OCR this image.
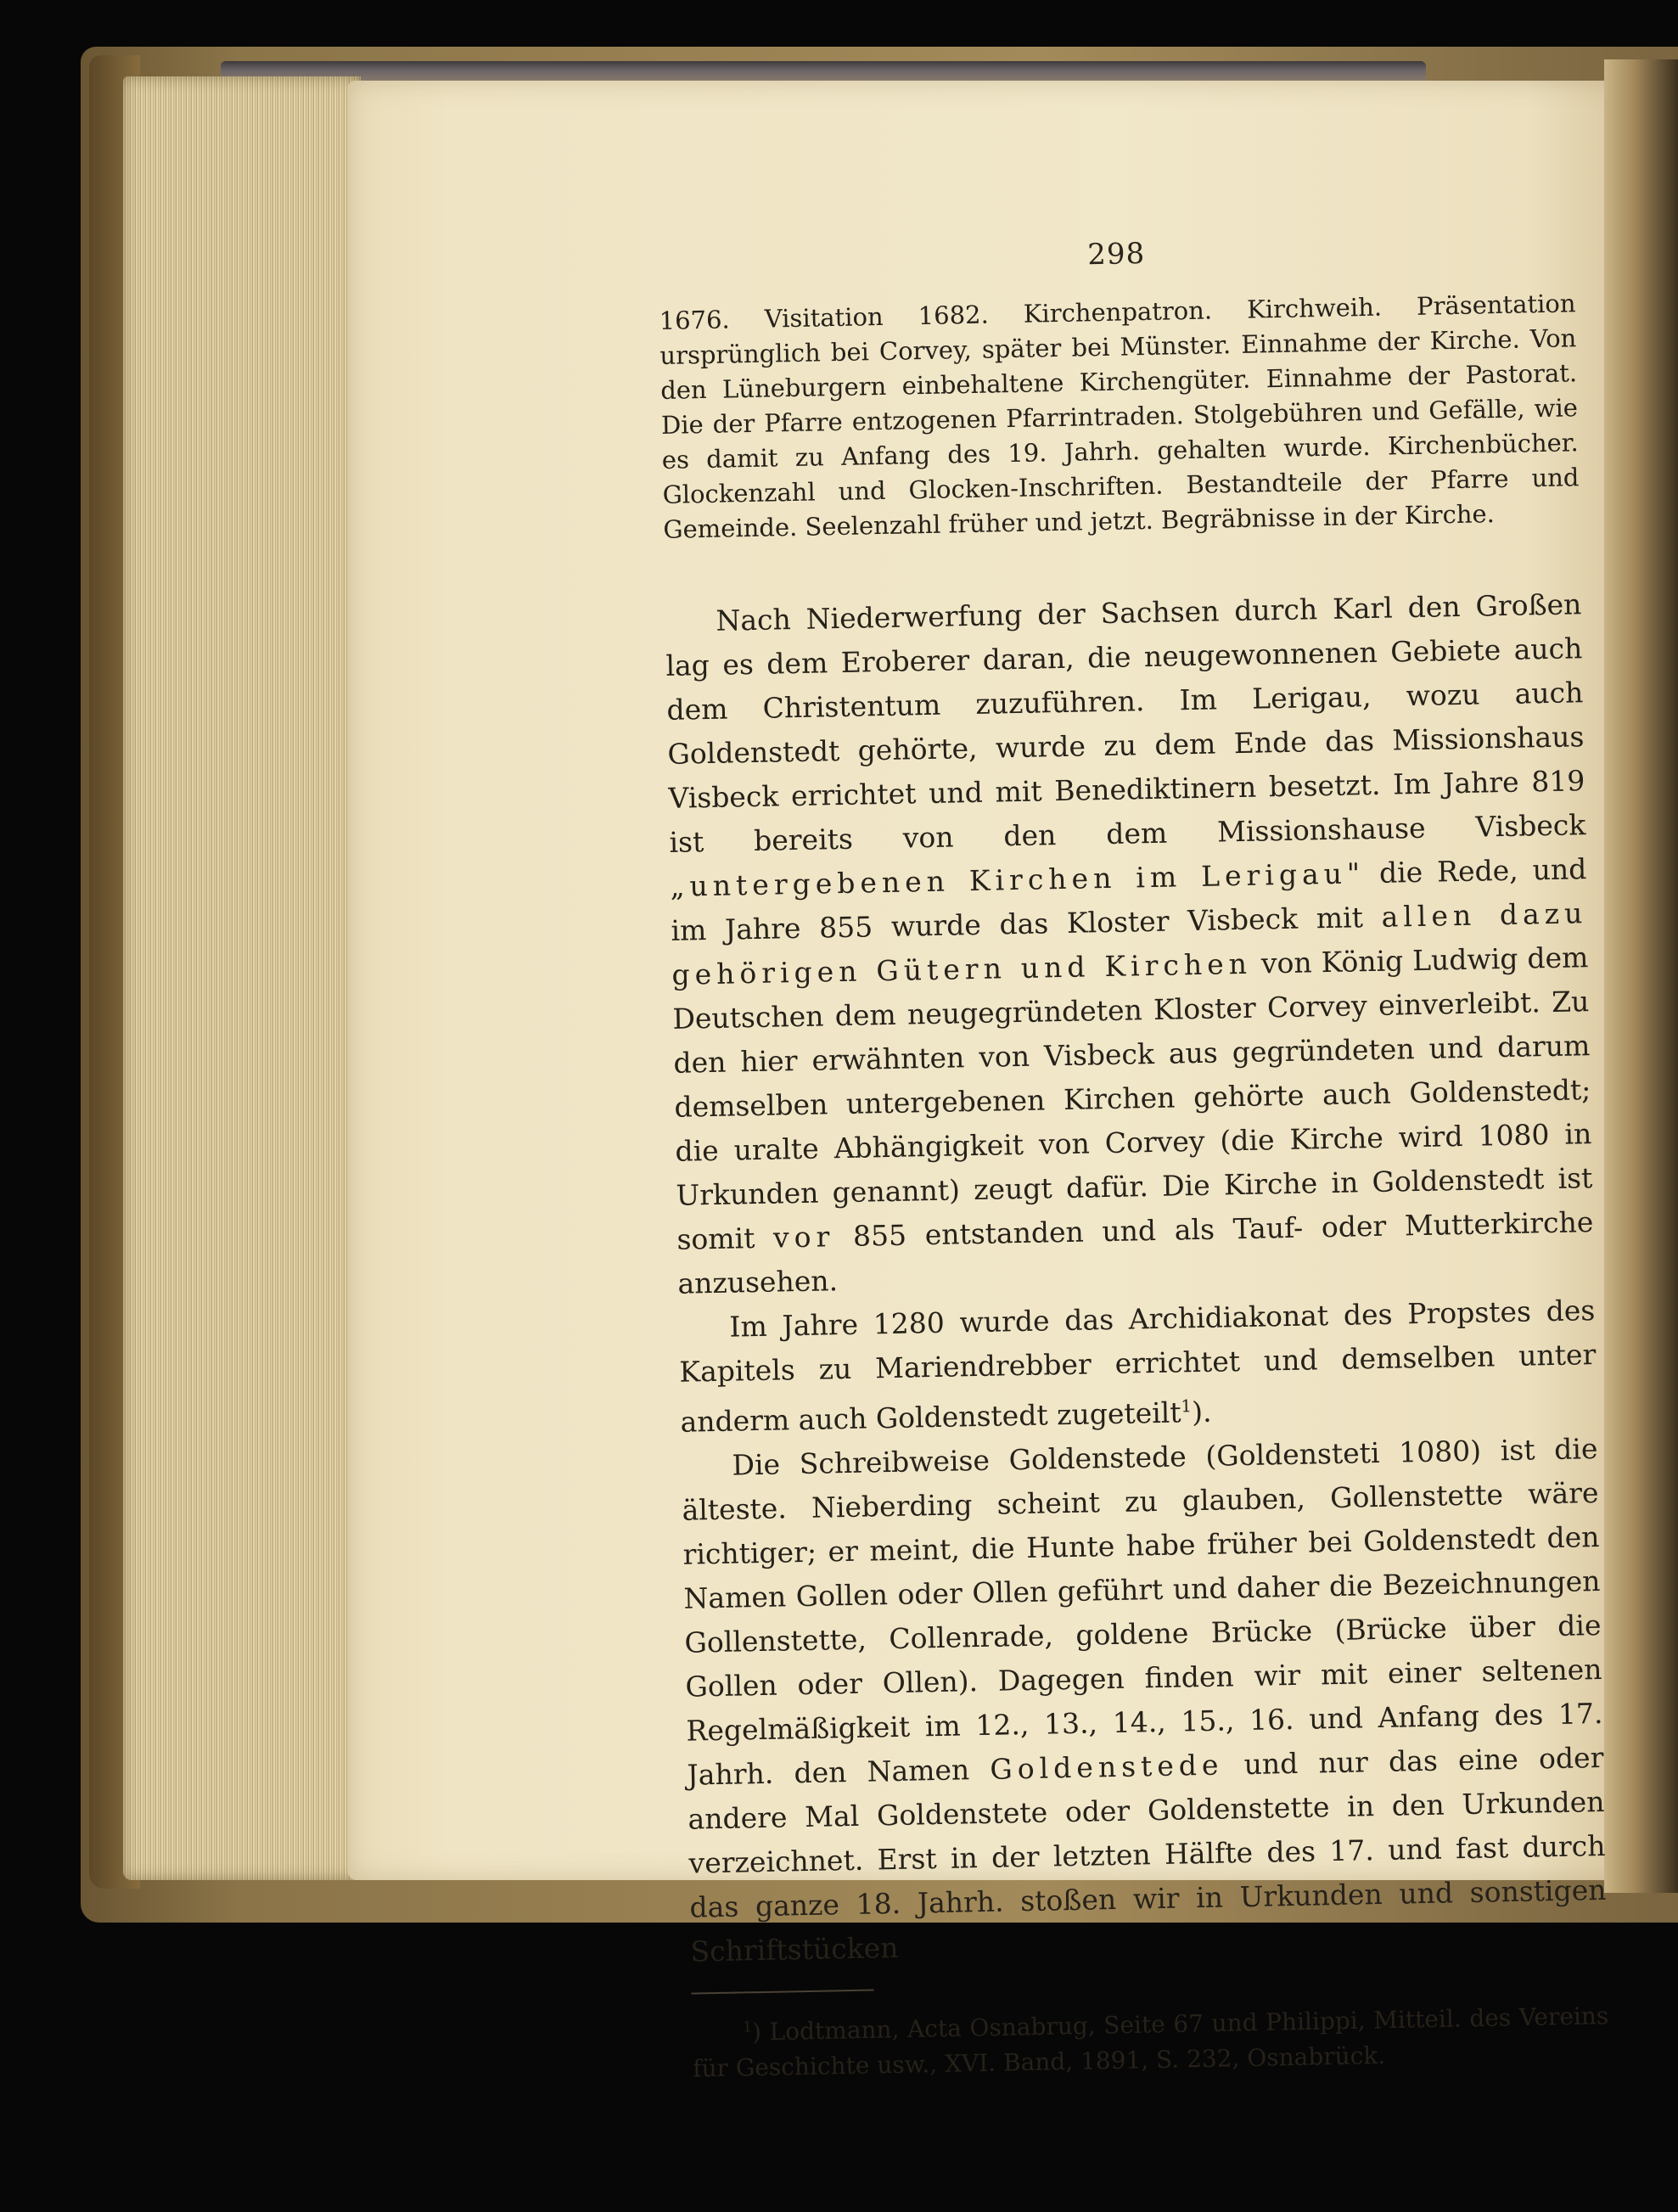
298
1676. Visitation 1682. Kirchenpatron. Kirchweih. Präsentation ursprünglich bei Corvey, später bei Münster. Einnahme der Kirche. Von den Lüneburgern einbehaltene Kirchengüter. Einnahme der Pastorat. Die der Pfarre entzogenen Pfarrintraden. Stolgebühren und Gefälle, wie es damit zu Anfang des 19. Jahrh. gehalten wurde. Kirchenbücher. Glockenzahl und Glocken-Inschriften. Bestandteile der Pfarre und Gemeinde. Seelenzahl früher und jetzt. Begräbnisse in der Kirche.

Nach Niederwerfung der Sachsen durch Karl den Großen lag es dem Eroberer daran, die neugewonnenen Gebiete auch dem Christentum zuzuführen. Im Lerigau, wozu auch Goldenstedt gehörte, wurde zu dem Ende das Missionshaus Visbeck errichtet und mit Benediktinern besetzt. Im Jahre 819 ist bereits von den dem Missionshause Visbeck „untergebenen Kirchen im Lerigau" die Rede, und im Jahre 855 wurde das Kloster Visbeck mit allen dazu gehörigen Gütern und Kirchen von König Ludwig dem Deutschen dem neugegründeten Kloster Corvey einverleibt. Zu den hier erwähnten von Visbeck aus gegründeten und darum demselben untergebenen Kirchen gehörte auch Goldenstedt; die uralte Abhängigkeit von Corvey (die Kirche wird 1080 in Urkunden genannt) zeugt dafür. Die Kirche in Goldenstedt ist somit vor 855 entstanden und als Tauf- oder Mutterkirche anzusehen.

Im Jahre 1280 wurde das Archidiakonat des Propstes des Kapitels zu Mariendrebber errichtet und demselben unter anderm auch Goldenstedt zugeteilt$^1$).

Die Schreibweise Goldenstede (Goldensteti 1080) ist die älteste. Nieberding scheint zu glauben, Gollenstette wäre richtiger; er meint, die Hunte habe früher bei Goldenstedt den Namen Gollen oder Ollen geführt und daher die Bezeichnungen Gollenstette, Collenrade, goldene Brücke (Brücke über die Gollen oder Ollen). Dagegen finden wir mit einer seltenen Regelmäßigkeit im 12., 13., 14., 15., 16. und Anfang des 17. Jahrh. den Namen Goldenstede und nur das eine oder andere Mal Goldenstete oder Goldenstette in den Urkunden verzeichnet. Erst in der letzten Hälfte des 17. und fast durch das ganze 18. Jahrh. stoßen wir in Urkunden und sonstigen Schriftstücken

$^1$) Lodtmann, Acta Osnabrug, Seite 67 und Philippi, Mitteil. des Vereins für Geschichte usw., XVI. Band, 1891, S. 232, Osnabrück.
